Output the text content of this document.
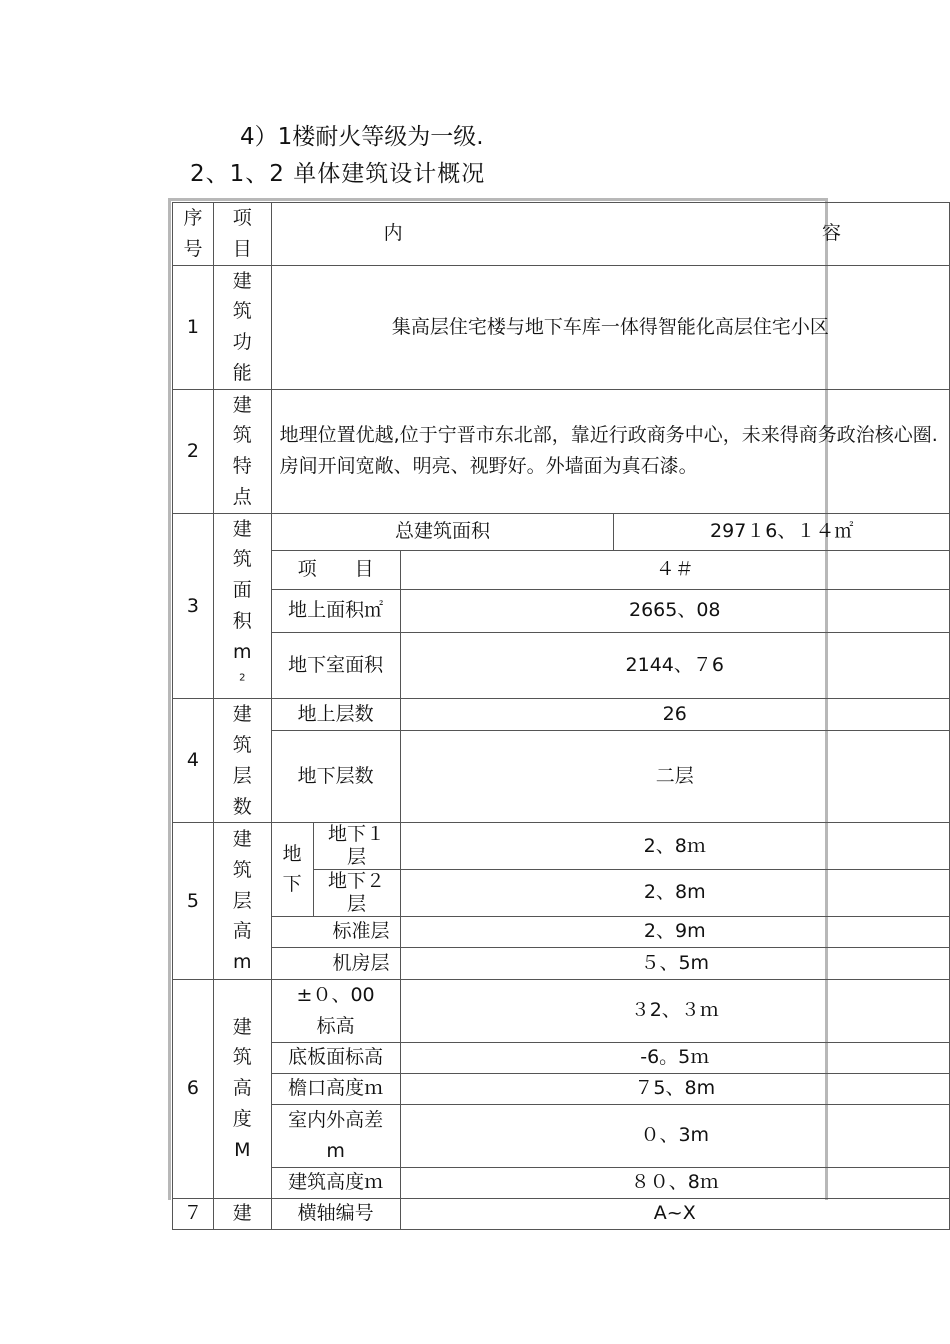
4）1楼耐火等级为一级.
2、1、2 单体建筑设计概况
序号	项目	内 容			

1	建筑功能	集高层住宅楼与地下车库一体得智能化高层住宅小区			
2	建筑特点	地理位置优越,位于宁晋市东北部，靠近行政商务中心，未来得商务政治核心圈.房间开间宽敞、明亮、视野好。外墙面为真石漆。			
3	建筑面积$m^2$	总建筑面积			297１6、１４㎡
		项　　目		４＃	
		地上面积㎡		2665、08	
		地下室面积		2144、７6	
4	建筑层数	地上层数		26	
		地下层数		二层	
5	建筑层高m	地下	地下１层	2、8ｍ	

			地下２层	2、8m	
		标准层		2、9m	
		机房层		５、5m	
6	建筑高度M	±０、00标高		３2、３ｍ	
		底板面标高		-6。5ｍ	
		檐口高度ｍ		７5、8m	

		室内外高差m		０、3m	
		建筑高度ｍ		８０、8ｍ	
７	建	横轴编号		A~X	
